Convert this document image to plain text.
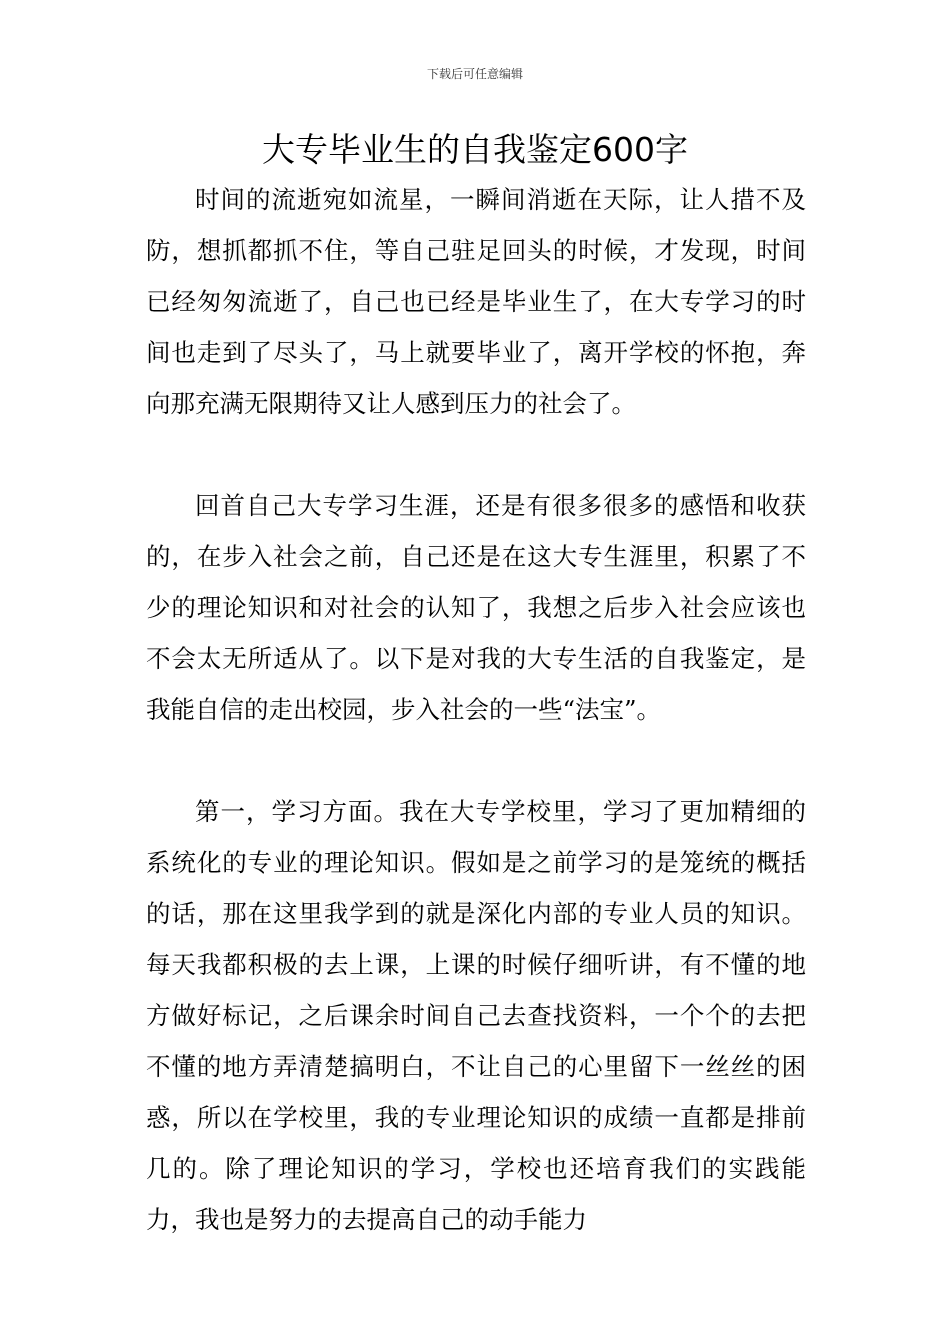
下载后可任意编辑
大专毕业生的自我鉴定600字

时间的流逝宛如流星，一瞬间消逝在天际，让人措不及防，想抓都抓不住，等自己驻足回头的时候，才发现，时间已经匆匆流逝了，自己也已经是毕业生了，在大专学习的时间也走到了尽头了，马上就要毕业了，离开学校的怀抱，奔向那充满无限期待又让人感到压力的社会了。

回首自己大专学习生涯，还是有很多很多的感悟和收获的，在步入社会之前，自己还是在这大专生涯里，积累了不少的理论知识和对社会的认知了，我想之后步入社会应该也不会太无所适从了。以下是对我的大专生活的自我鉴定，是我能自信的走出校园，步入社会的一些“法宝”。

第一，学习方面。我在大专学校里，学习了更加精细的系统化的专业的理论知识。假如是之前学习的是笼统的概括的话，那在这里我学到的就是深化内部的专业人员的知识。每天我都积极的去上课，上课的时候仔细听讲，有不懂的地方做好标记，之后课余时间自己去查找资料，一个个的去把不懂的地方弄清楚搞明白，不让自己的心里留下一丝丝的困惑，所以在学校里，我的专业理论知识的成绩一直都是排前几的。除了理论知识的学习，学校也还培育我们的实践能力，我也是努力的去提高自己的动手能力
